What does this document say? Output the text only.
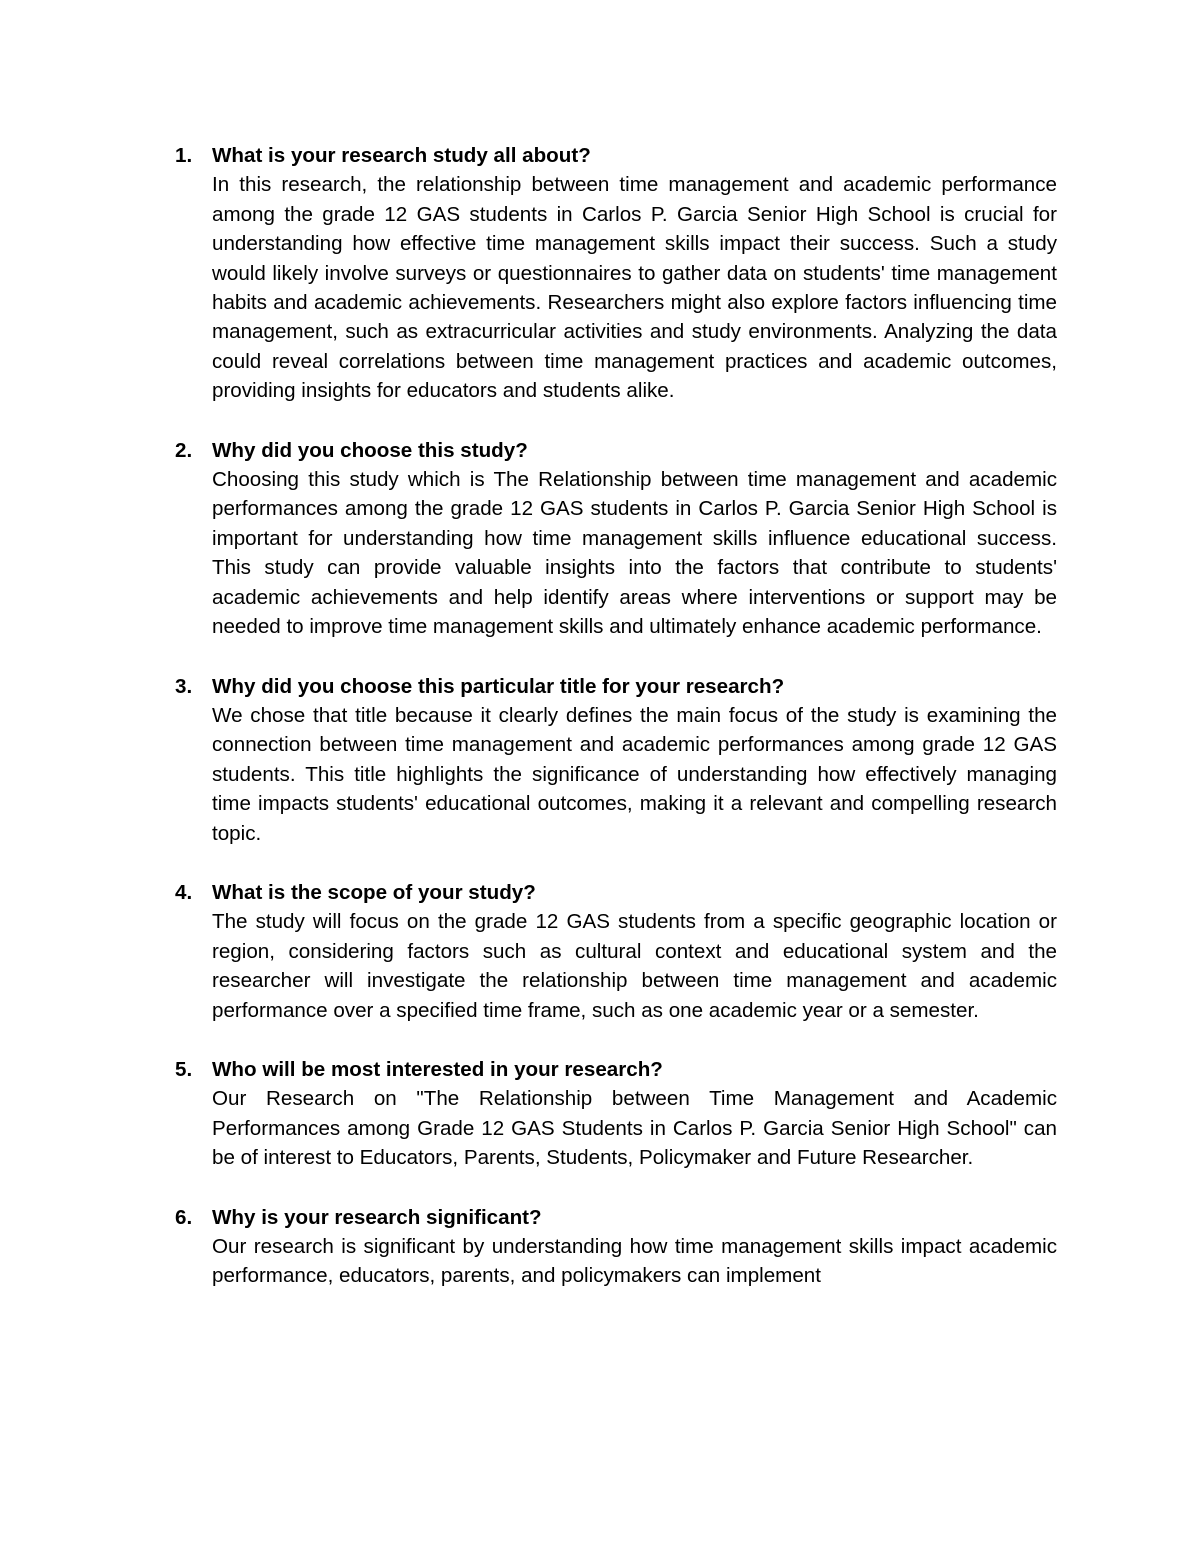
1. What is your research study all about?

In this research, the relationship between time management and academic performance among the grade 12 GAS students in Carlos P. Garcia Senior High School is crucial for understanding how effective time management skills impact their success. Such a study would likely involve surveys or questionnaires to gather data on students' time management habits and academic achievements. Researchers might also explore factors influencing time management, such as extracurricular activities and study environments. Analyzing the data could reveal correlations between time management practices and academic outcomes, providing insights for educators and students alike.

2. Why did you choose this study?

Choosing this study which is The Relationship between time management and academic performances among the grade 12 GAS students in Carlos P. Garcia Senior High School is important for understanding how time management skills influence educational success. This study can provide valuable insights into the factors that contribute to students' academic achievements and help identify areas where interventions or support may be needed to improve time management skills and ultimately enhance academic performance.

3. Why did you choose this particular title for your research?

We chose that title because it clearly defines the main focus of the study is examining the connection between time management and academic performances among grade 12 GAS students. This title highlights the significance of understanding how effectively managing time impacts students' educational outcomes, making it a relevant and compelling research topic.

4. What is the scope of your study?

The study will focus on the grade 12 GAS students from a specific geographic location or region, considering factors such as cultural context and educational system and the researcher will investigate the relationship between time management and academic performance over a specified time frame, such as one academic year or a semester.

5. Who will be most interested in your research?

Our Research on "The Relationship between Time Management and Academic Performances among Grade 12 GAS Students in Carlos P. Garcia Senior High School" can be of interest to Educators, Parents, Students, Policymaker and Future Researcher.

6. Why is your research significant?

Our research is significant by understanding how time management skills impact academic performance, educators, parents, and policymakers can implement
